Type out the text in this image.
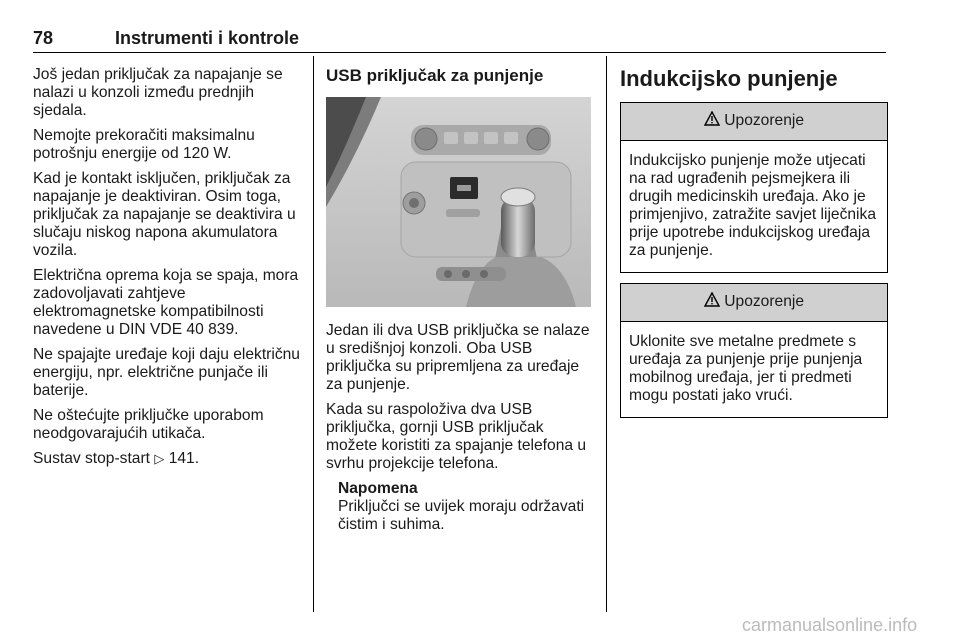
78	Instrumenti i kontrole

Još jedan priključak za napajanje se nalazi u konzoli između prednjih sjedala.

Nemojte prekoračiti maksimalnu potrošnju energije od 120 W.

Kad je kontakt isključen, priključak za napajanje je deaktiviran. Osim toga, priključak za napajanje se deaktivira u slučaju niskog napona akumulatora vozila.

Električna oprema koja se spaja, mora zadovoljavati zahtjeve elektromagnetske kompatibilnosti navedene u DIN VDE 40 839.

Ne spajajte uređaje koji daju električnu energiju, npr. električne punjače ili baterije.

Ne oštećujte priključke uporabom neodgovarajućih utikača.

Sustav stop-start ▷ 141.

USB priključak za punjenje

Jedan ili dva USB priključka se nalaze u središnjoj konzoli. Oba USB priključka su pripremljena za uređaje za punjenje.

Kada su raspoloživa dva USB priključka, gornji USB priključak možete koristiti za spajanje telefona u svrhu projekcije telefona.

Napomena
Priključci se uvijek moraju održavati čistim i suhima.
Indukcijsko punjenje
Upozorenje
Indukcijsko punjenje može utjecati na rad ugrađenih pejsmejkera ili drugih medicinskih uređaja. Ako je primjenjivo, zatražite savjet liječnika prije upotrebe indukcijskog uređaja za punjenje.
Upozorenje
Uklonite sve metalne predmete s uređaja za punjenje prije punjenja mobilnog uređaja, jer ti predmeti mogu postati jako vrući.
carmanualsonline.info
